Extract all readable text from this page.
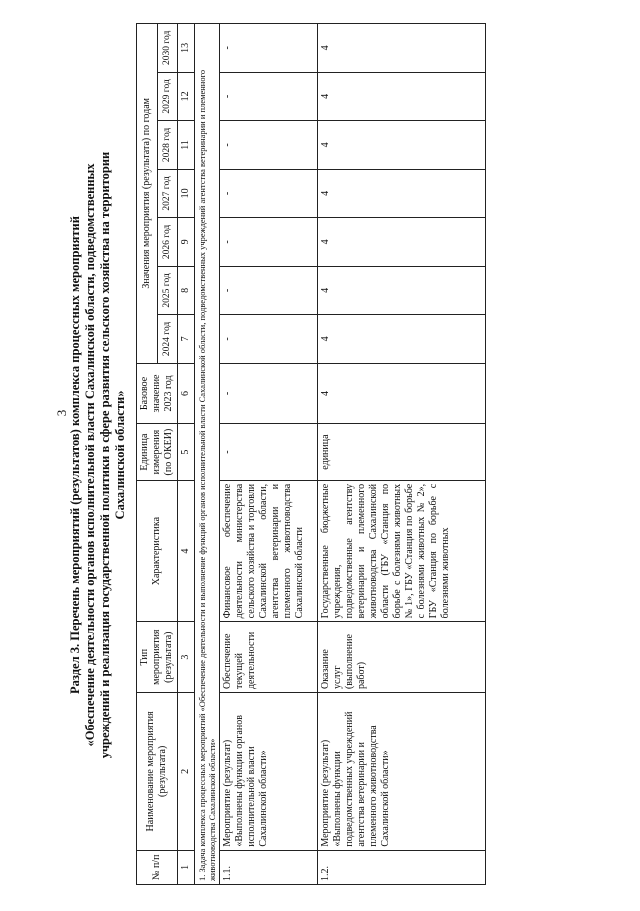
3 Раздел 3. Перечень мероприятий (результатов) комплекса процессных мероприятий «Обеспечение деятельности органов исполнительной власти Сахалинской области, подведомственных учреждений и реализация государственной политики в сфере развития сельского хозяйства на территории Сахалинской области»
№ п/п	Наименование мероприятия (результата)	Тип мероприятия (результата)	Характеристика	Единица измерения (по ОКЕИ)	Базовое значение 2023 год	Значения мероприятия (результата) по годам						
						2024 год	2025 год	2026 год	2027 год	2028 год	2029 год	2030 год
1	2	3	4	5	6	7	8	9	10	11	12	13
1. Задача комплекса процессных мероприятий «Обеспечение деятельности и выполнение функций органов исполнительной власти Сахалинской области, подведомственных учреждений агентства ветеринарии и племенного животноводства Сахалинской области»												
1.1.	Мероприятие (результат) «Выполнены функции органов исполнительной власти Сахалинской области»	Обеспечение текущей деятельности	Финансовое обеспечение деятельности министерства сельского хозяйства и торговли Сахалинской области, агентства ветеринарии и племенного животноводства Сахалинской области	-	-	-	-	-	-	-	-	-
1.2.	Мероприятие (результат) «Выполнены функции подведомственных учреждений агентства ветеринарии и племенного животноводства Сахалинской области»	Оказание услуг (выполнение работ)	Государственные бюджетные учреждения, подведомственные агентству ветеринарии и племенного животноводства Сахалинской области (ГБУ «Станция по борьбе с болезнями животных № 1», ГБУ «Станция по борьбе с болезнями животных № 2», ГБУ «Станция по борьбе с болезнями животных	единица	4	4	4	4	4	4	4	4
